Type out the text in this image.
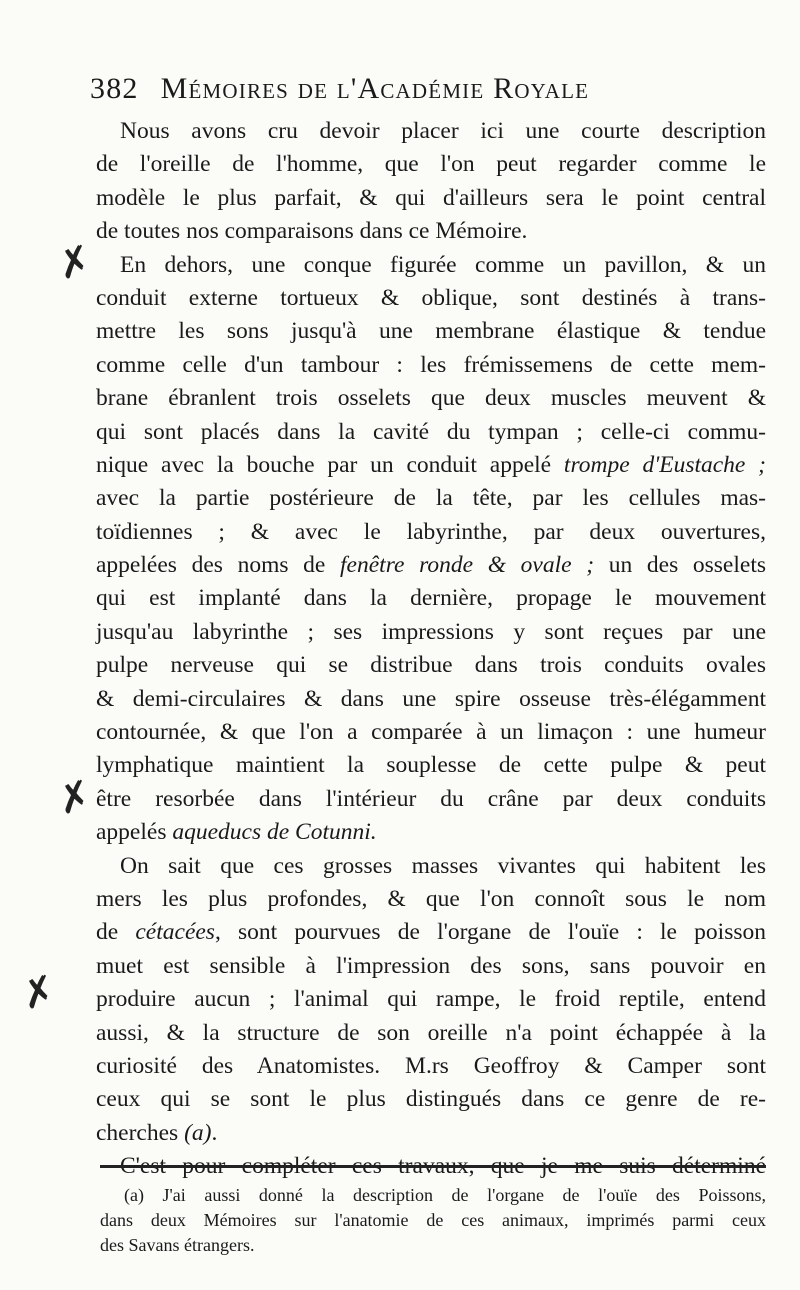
382 Mémoires de l'Académie Royale
✗
✗
✗
Nous avons cru devoir placer ici une courte description
de l'oreille de l'homme, que l'on peut regarder comme le
modèle le plus parfait, & qui d'ailleurs sera le point central
de toutes nos comparaisons dans ce Mémoire.
En dehors, une conque figurée comme un pavillon, & un
conduit externe tortueux & oblique, sont destinés à trans-
mettre les sons jusqu'à une membrane élastique & tendue
comme celle d'un tambour : les frémissemens de cette mem-
brane ébranlent trois osselets que deux muscles meuvent &
qui sont placés dans la cavité du tympan ; celle-ci commu-
nique avec la bouche par un conduit appelé trompe d'Eustache ;
avec la partie postérieure de la tête, par les cellules mas-
toïdiennes ; & avec le labyrinthe, par deux ouvertures,
appelées des noms de fenêtre ronde & ovale ; un des osselets
qui est implanté dans la dernière, propage le mouvement
jusqu'au labyrinthe ; ses impressions y sont reçues par une
pulpe nerveuse qui se distribue dans trois conduits ovales
& demi-circulaires & dans une spire osseuse très-élégamment
contournée, & que l'on a comparée à un limaçon : une humeur
lymphatique maintient la souplesse de cette pulpe & peut
être resorbée dans l'intérieur du crâne par deux conduits
appelés aqueducs de Cotunni.
On sait que ces grosses masses vivantes qui habitent les
mers les plus profondes, & que l'on connoît sous le nom
de cétacées, sont pourvues de l'organe de l'ouïe : le poisson
muet est sensible à l'impression des sons, sans pouvoir en
produire aucun ; l'animal qui rampe, le froid reptile, entend
aussi, & la structure de son oreille n'a point échappée à la
curiosité des Anatomistes. M.rs Geoffroy & Camper sont
ceux qui se sont le plus distingués dans ce genre de re-
cherches (a).
C'est pour compléter ces travaux, que je me suis déterminé
(a) J'ai aussi donné la description de l'organe de l'ouïe des Poissons,
dans deux Mémoires sur l'anatomie de ces animaux, imprimés parmi ceux
des Savans étrangers.
